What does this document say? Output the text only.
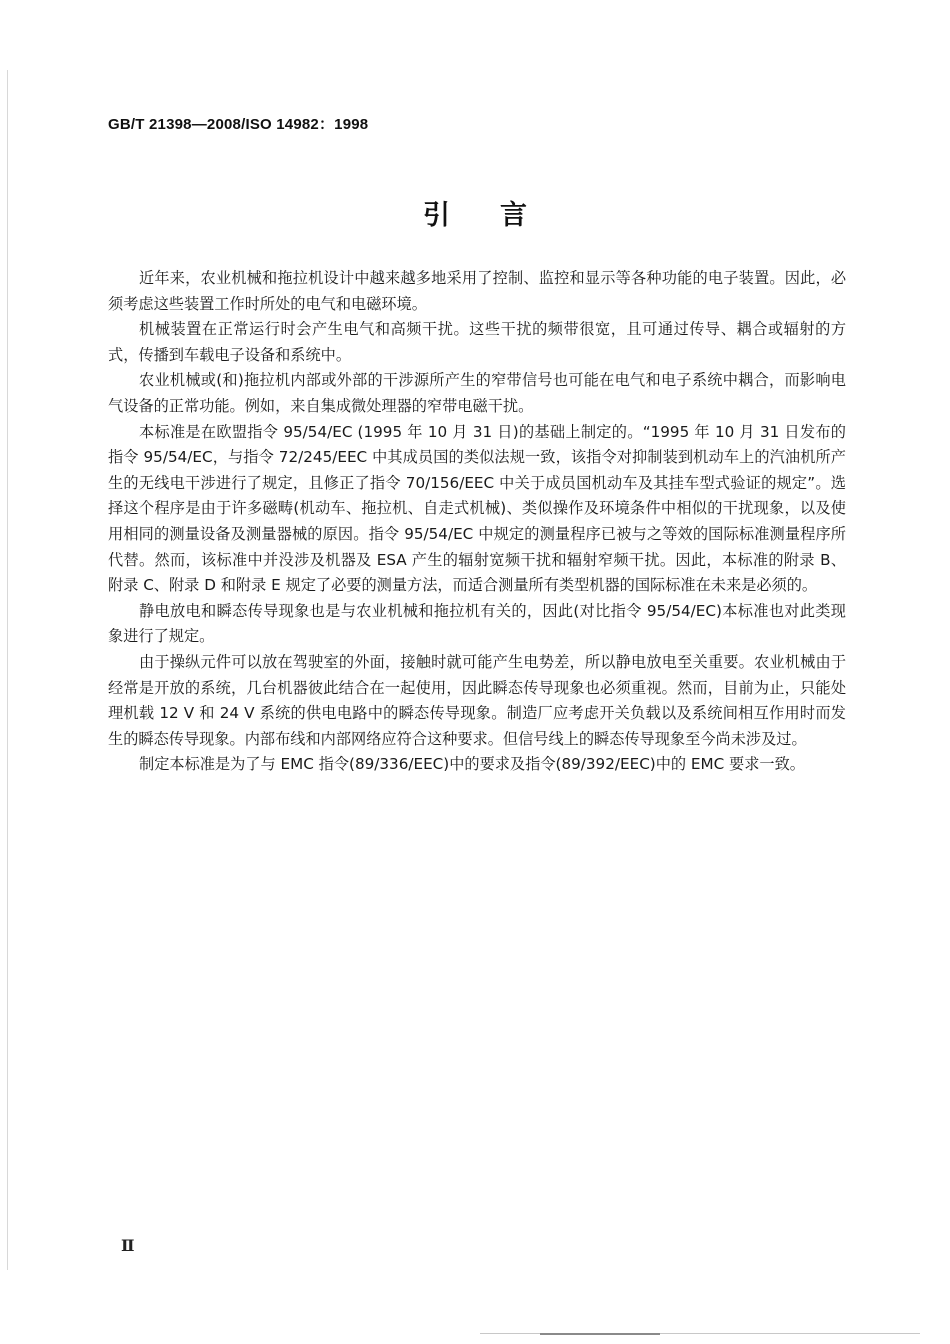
GB/T 21398—2008/ISO 14982：1998
引言

近年来，农业机械和拖拉机设计中越来越多地采用了控制、监控和显示等各种功能的电子装置。因此，必须考虑这些装置工作时所处的电气和电磁环境。

机械装置在正常运行时会产生电气和高频干扰。这些干扰的频带很宽，且可通过传导、耦合或辐射的方式，传播到车载电子设备和系统中。

农业机械或(和)拖拉机内部或外部的干涉源所产生的窄带信号也可能在电气和电子系统中耦合，而影响电气设备的正常功能。例如，来自集成微处理器的窄带电磁干扰。

本标准是在欧盟指令 95/54/EC (1995 年 10 月 31 日)的基础上制定的。“1995 年 10 月 31 日发布的指令 95/54/EC，与指令 72/245/EEC 中其成员国的类似法规一致，该指令对抑制装到机动车上的汽油机所产生的无线电干涉进行了规定，且修正了指令 70/156/EEC 中关于成员国机动车及其挂车型式验证的规定”。选择这个程序是由于许多磁畴(机动车、拖拉机、自走式机械)、类似操作及环境条件中相似的干扰现象，以及使用相同的测量设备及测量器械的原因。指令 95/54/EC 中规定的测量程序已被与之等效的国际标准测量程序所代替。然而，该标准中并没涉及机器及 ESA 产生的辐射宽频干扰和辐射窄频干扰。因此，本标准的附录 B、附录 C、附录 D 和附录 E 规定了必要的测量方法，而适合测量所有类型机器的国际标准在未来是必须的。

静电放电和瞬态传导现象也是与农业机械和拖拉机有关的，因此(对比指令 95/54/EC)本标准也对此类现象进行了规定。

由于操纵元件可以放在驾驶室的外面，接触时就可能产生电势差，所以静电放电至关重要。农业机械由于经常是开放的系统，几台机器彼此结合在一起使用，因此瞬态传导现象也必须重视。然而，目前为止，只能处理机载 12 V 和 24 V 系统的供电电路中的瞬态传导现象。制造厂应考虑开关负载以及系统间相互作用时而发生的瞬态传导现象。内部布线和内部网络应符合这种要求。但信号线上的瞬态传导现象至今尚未涉及过。

制定本标准是为了与 EMC 指令(89/336/EEC)中的要求及指令(89/392/EEC)中的 EMC 要求一致。

Ⅱ
